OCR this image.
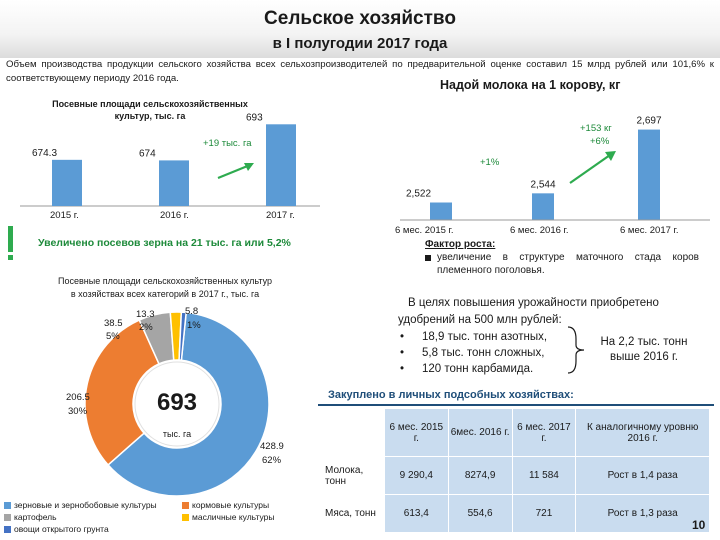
Сельское хозяйство
в I полугодии 2017 года
Объем производства продукции сельского хозяйства всех сельхозпроизводителей по предварительной оценке составил 15 млрд рублей или 101,6% к соответствующему периоду 2016 года.
Посевные площади сельскохозяйственных культур, тыс. га
674.3	674
693
+19 тыс. га
2015 г.	2016 г.	2017 г.
Увеличено посевов зерна на 21 тыс. га или 5,2%
Надой молока на 1 корову, кг
2,522
2,544
2,697
+1%
+153 кг
+6%
6 мес. 2015 г.	6 мес. 2016 г.	6 мес. 2017 г.
Фактор роста:
увеличение в структуре маточного стада коров племенного поголовья.
Посевные площади сельскохозяйственных культур
в хозяйствах всех категорий в 2017 г., тыс. га
693
тыс. га
428.9
62%
206.5
30%
38.5
5%
13.3
2%
5.8
1%
зерновые и зернобобовые культуры	кормовые культуры
картофель	масличные культуры
овощи открытого грунта
В целях повышения урожайности приобретено
удобрений на 500 млн рублей:
• 18,9 тыс. тонн азотных,
• 5,8 тыс. тонн сложных,
• 120 тонн карбамида.
На 2,2 тыс. тонн выше 2016 г.
Закуплено в личных подсобных хозяйствах:
	6 мес. 2015 г.	6мес. 2016 г.	6 мес. 2017 г.	К аналогичному уровню 2016 г.
Молока, тонн	9 290,4	8274,9	11 584	Рост в 1,4 раза
Мяса, тонн	613,4	554,6	721	Рост в 1,3 раза
10
